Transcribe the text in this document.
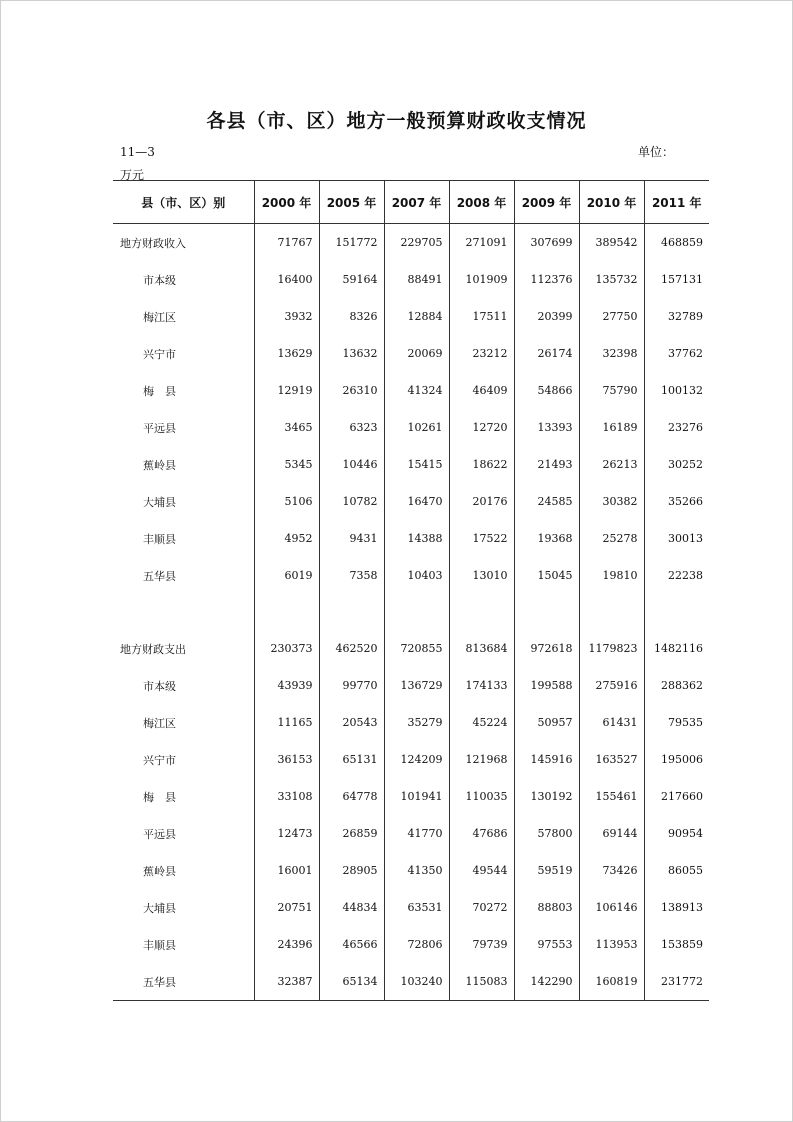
各县（市、区）地方一般预算财政收支情况
11—3
万元
单位：
县（市、区）别	2000 年	2005 年	2007 年	2008 年	2009 年	2010 年	2011 年
地方财政收入	71767	151772	229705	271091	307699	389542	468859
市本级	16400	59164	88491	101909	112376	135732	157131
梅江区	3932	8326	12884	17511	20399	27750	32789
兴宁市	13629	13632	20069	23212	26174	32398	37762
梅　县	12919	26310	41324	46409	54866	75790	100132
平远县	3465	6323	10261	12720	13393	16189	23276
蕉岭县	5345	10446	15415	18622	21493	26213	30252
大埔县	5106	10782	16470	20176	24585	30382	35266
丰顺县	4952	9431	14388	17522	19368	25278	30013
五华县	6019	7358	10403	13010	15045	19810	22238

地方财政支出	230373	462520	720855	813684	972618	1179823	1482116
市本级	43939	99770	136729	174133	199588	275916	288362
梅江区	11165	20543	35279	45224	50957	61431	79535
兴宁市	36153	65131	124209	121968	145916	163527	195006
梅　县	33108	64778	101941	110035	130192	155461	217660
平远县	12473	26859	41770	47686	57800	69144	90954
蕉岭县	16001	28905	41350	49544	59519	73426	86055
大埔县	20751	44834	63531	70272	88803	106146	138913
丰顺县	24396	46566	72806	79739	97553	113953	153859
五华县	32387	65134	103240	115083	142290	160819	231772
